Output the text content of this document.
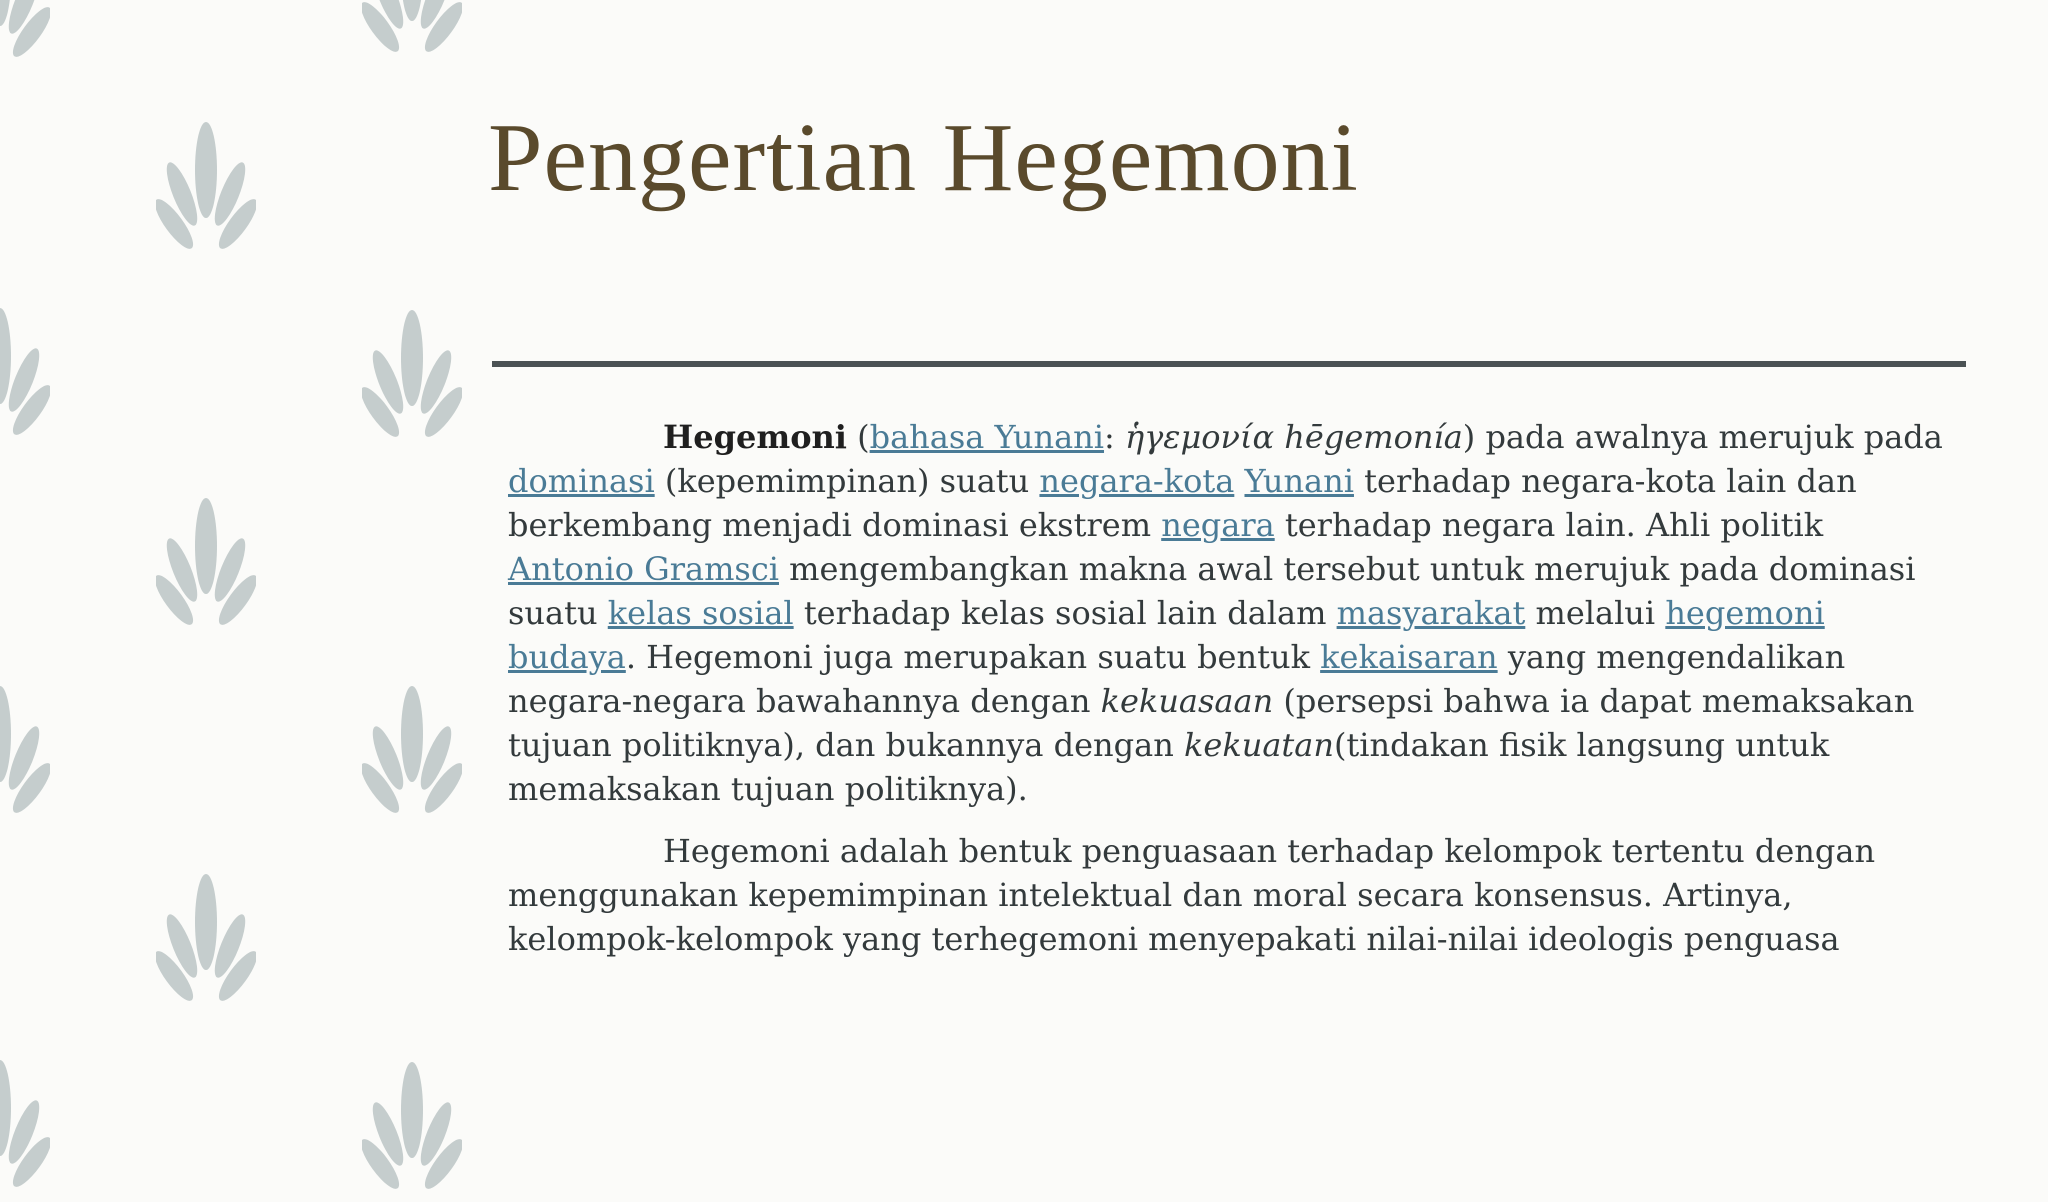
Pengertian Hegemoni

Hegemoni (bahasa Yunani: ἡγεμονία hēgemonía) pada awalnya merujuk pada dominasi (kepemimpinan) suatu negara-kota Yunani terhadap negara-kota lain dan berkembang menjadi dominasi ekstrem negara terhadap negara lain. Ahli politik Antonio Gramsci mengembangkan makna awal tersebut untuk merujuk pada dominasi suatu kelas sosial terhadap kelas sosial lain dalam masyarakat melalui hegemoni budaya. Hegemoni juga merupakan suatu bentuk kekaisaran yang mengendalikan negara-negara bawahannya dengan kekuasaan (persepsi bahwa ia dapat memaksakan tujuan politiknya), dan bukannya dengan kekuatan(tindakan fisik langsung untuk memaksakan tujuan politiknya).

Hegemoni adalah bentuk penguasaan terhadap kelompok tertentu dengan menggunakan kepemimpinan intelektual dan moral secara konsensus. Artinya, kelompok-kelompok yang terhegemoni menyepakati nilai-nilai ideologis penguasa
